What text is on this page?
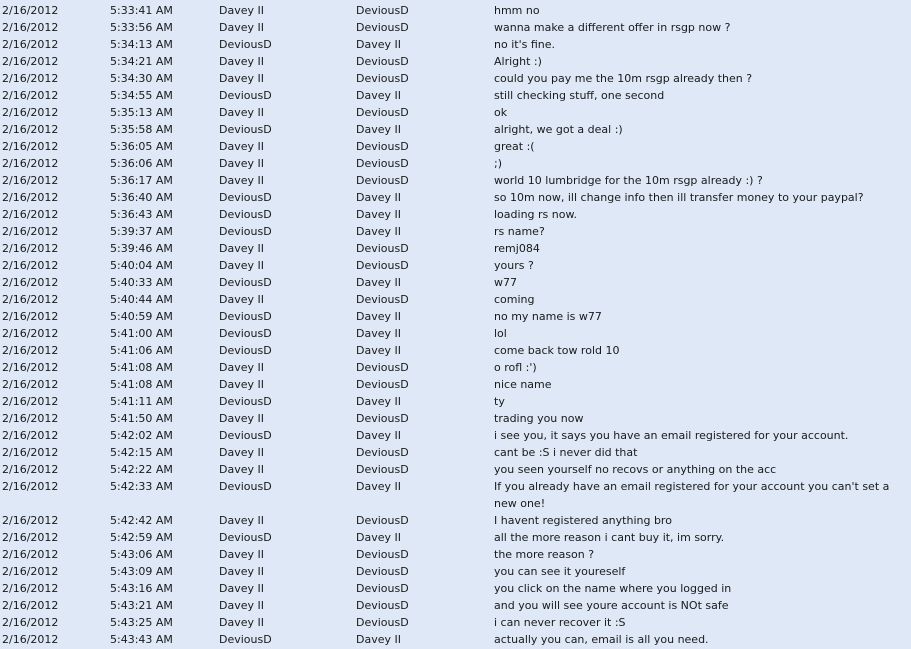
2/16/2012	5:33:41 AM	Davey II	DeviousD	hmm no
2/16/2012	5:33:56 AM	Davey II	DeviousD	wanna make a different offer in rsgp now ?
2/16/2012	5:34:13 AM	DeviousD	Davey II	no it's fine.
2/16/2012	5:34:21 AM	Davey II	DeviousD	Alright :)
2/16/2012	5:34:30 AM	Davey II	DeviousD	could you pay me the 10m rsgp already then ?
2/16/2012	5:34:55 AM	DeviousD	Davey II	still checking stuff, one second
2/16/2012	5:35:13 AM	Davey II	DeviousD	ok
2/16/2012	5:35:58 AM	DeviousD	Davey II	alright, we got a deal :)
2/16/2012	5:36:05 AM	Davey II	DeviousD	great :(
2/16/2012	5:36:06 AM	Davey II	DeviousD	;)
2/16/2012	5:36:17 AM	Davey II	DeviousD	world 10 lumbridge for the 10m rsgp already :) ?
2/16/2012	5:36:40 AM	DeviousD	Davey II	so 10m now, ill change info then ill transfer money to your paypal?
2/16/2012	5:36:43 AM	DeviousD	Davey II	loading rs now.
2/16/2012	5:39:37 AM	DeviousD	Davey II	rs name?
2/16/2012	5:39:46 AM	Davey II	DeviousD	remj084
2/16/2012	5:40:04 AM	Davey II	DeviousD	yours ?
2/16/2012	5:40:33 AM	DeviousD	Davey II	w77
2/16/2012	5:40:44 AM	Davey II	DeviousD	coming
2/16/2012	5:40:59 AM	DeviousD	Davey II	no my name is w77
2/16/2012	5:41:00 AM	DeviousD	Davey II	lol
2/16/2012	5:41:06 AM	DeviousD	Davey II	come back tow rold 10
2/16/2012	5:41:08 AM	Davey II	DeviousD	o rofl :')
2/16/2012	5:41:08 AM	Davey II	DeviousD	nice name
2/16/2012	5:41:11 AM	DeviousD	Davey II	ty
2/16/2012	5:41:50 AM	Davey II	DeviousD	trading you now
2/16/2012	5:42:02 AM	DeviousD	Davey II	i see you, it says you have an email registered for your account.
2/16/2012	5:42:15 AM	Davey II	DeviousD	cant be :S i never did that
2/16/2012	5:42:22 AM	Davey II	DeviousD	you seen yourself no recovs or anything on the acc
2/16/2012	5:42:33 AM	DeviousD	Davey II	If you already have an email registered for your account you can't set a new one!
2/16/2012	5:42:42 AM	Davey II	DeviousD	I havent registered anything bro
2/16/2012	5:42:59 AM	DeviousD	Davey II	all the more reason i cant buy it, im sorry.
2/16/2012	5:43:06 AM	Davey II	DeviousD	the more reason ?
2/16/2012	5:43:09 AM	Davey II	DeviousD	you can see it youreself
2/16/2012	5:43:16 AM	Davey II	DeviousD	you click on the name where you logged in
2/16/2012	5:43:21 AM	Davey II	DeviousD	and you will see youre account is NOt safe
2/16/2012	5:43:25 AM	Davey II	DeviousD	i can never recover it :S
2/16/2012	5:43:43 AM	DeviousD	Davey II	actually you can, email is all you need.
